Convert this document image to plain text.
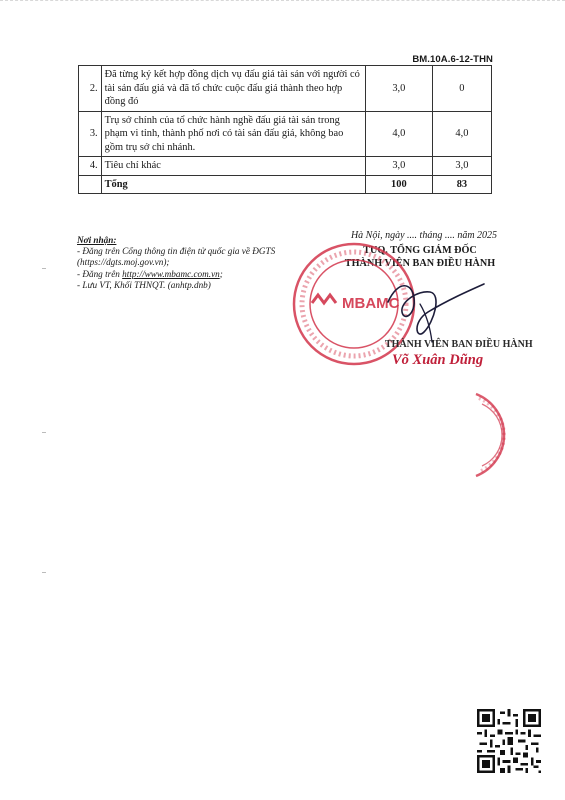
BM.10A.6-12-THN
2.	Đã từng ký kết hợp đồng dịch vụ đấu giá tài sản với người có tài sản đấu giá và đã tổ chức cuộc đấu giá thành theo hợp đồng đó	3,0	0
3.	Trụ sở chính của tổ chức hành nghề đấu giá tài sản trong phạm vi tỉnh, thành phố nơi có tài sản đấu giá, không bao gồm trụ sở chi nhánh.	4,0	4,0
4.	Tiêu chí khác	3,0	3,0
	Tổng	100	83
Nơi nhận:
- Đăng trên Cổng thông tin điện tử quốc gia về ĐGTS (https://dgts.moj.gov.vn);
- Đăng trên http://www.mbamc.com.vn;
- Lưu VT, Khối THNQT. (anhtp.dnb)
Hà Nội, ngày .... tháng .... năm 2025
TUQ. TỔNG GIÁM ĐỐC
THÀNH VIÊN BAN ĐIỀU HÀNH
MBAMC
THÀNH VIÊN BAN ĐIỀU HÀNH
Võ Xuân Dũng
